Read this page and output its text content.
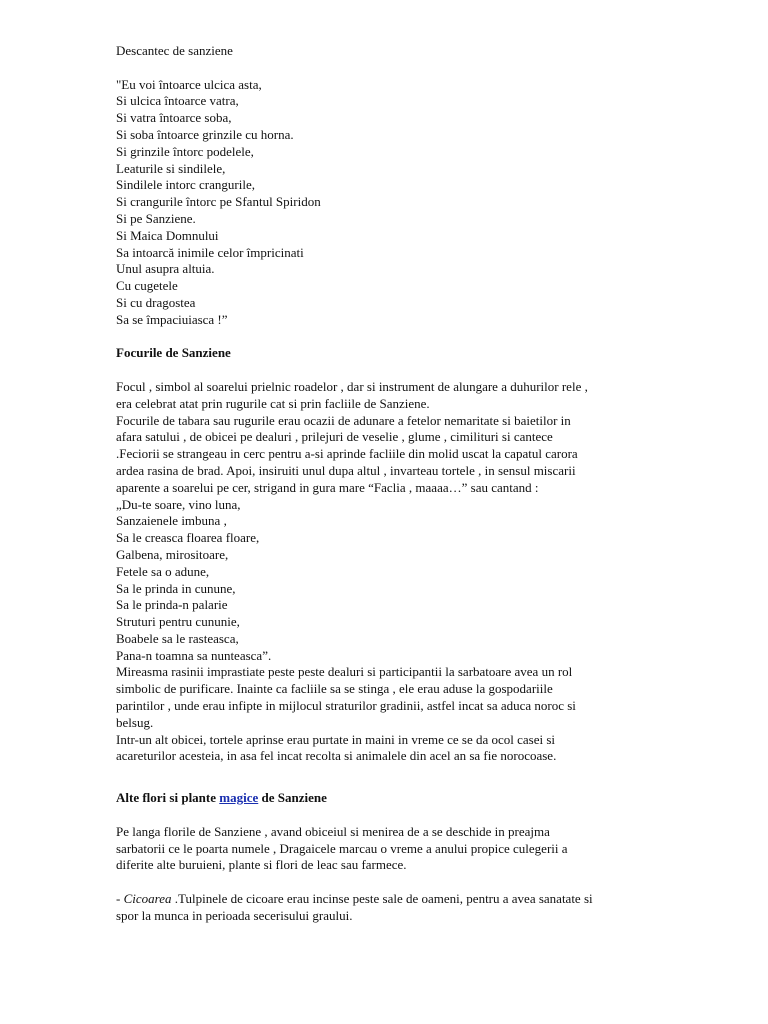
Descantec de sanziene
"Eu voi întoarce ulcica asta,
Si ulcica întoarce vatra,
Si vatra întoarce soba,
Si soba întoarce grinzile cu horna.
Si grinzile întorc podelele,
Leaturile si sindilele,
Sindilele intorc crangurile,
Si crangurile întorc pe Sfantul Spiridon
Si pe Sanziene.
Si Maica Domnului
Sa intoarcă inimile celor împricinati
Unul asupra altuia.
Cu cugetele
Si cu dragostea
Sa se împaciuiasca !”
Focurile de Sanziene
Focul , simbol al soarelui prielnic roadelor , dar si instrument de alungare a duhurilor rele ,
era celebrat atat prin rugurile cat si prin facliile de Sanziene.
Focurile de tabara sau rugurile erau ocazii de adunare a fetelor nemaritate si baietilor in
afara satului , de obicei pe dealuri , prilejuri de veselie , glume , cimilituri si cantece
.Feciorii se strangeau in cerc pentru a-si aprinde facliile din molid uscat la capatul carora
ardea rasina de brad. Apoi, insiruiti unul dupa altul , invarteau tortele , in sensul miscarii
aparente a soarelui pe cer, strigand in gura mare “Faclia , maaaa…” sau cantand :
„Du-te soare, vino luna,
Sanzaienele imbuna ,
Sa le creasca floarea floare,
Galbena, mirositoare,
Fetele sa o adune,
Sa le prinda in cunune,
Sa le prinda-n palarie
Struturi pentru cununie,
Boabele sa le rasteasca,
Pana-n toamna sa nunteasca”.
Mireasma rasinii imprastiate peste peste dealuri si participantii la sarbatoare avea un rol
simbolic de purificare. Inainte ca facliile sa se stinga , ele erau aduse la gospodariile
parintilor , unde erau infipte in mijlocul straturilor gradinii, astfel incat sa aduca noroc si
belsug.
Intr-un alt obicei, tortele aprinse erau purtate in maini in vreme ce se da ocol casei si
acareturilor acesteia, in asa fel incat recolta si animalele din acel an sa fie norocoase.
Alte flori si plante magice de Sanziene
Pe langa florile de Sanziene , avand obiceiul si menirea de a se deschide in preajma
sarbatorii ce le poarta numele , Dragaicele marcau o vreme a anului propice culegerii a
diferite alte buruieni, plante si flori de leac sau farmece.
- Cicoarea .Tulpinele de cicoare erau incinse peste sale de oameni, pentru a avea sanatate si
spor la munca in perioada secerisului graului.
